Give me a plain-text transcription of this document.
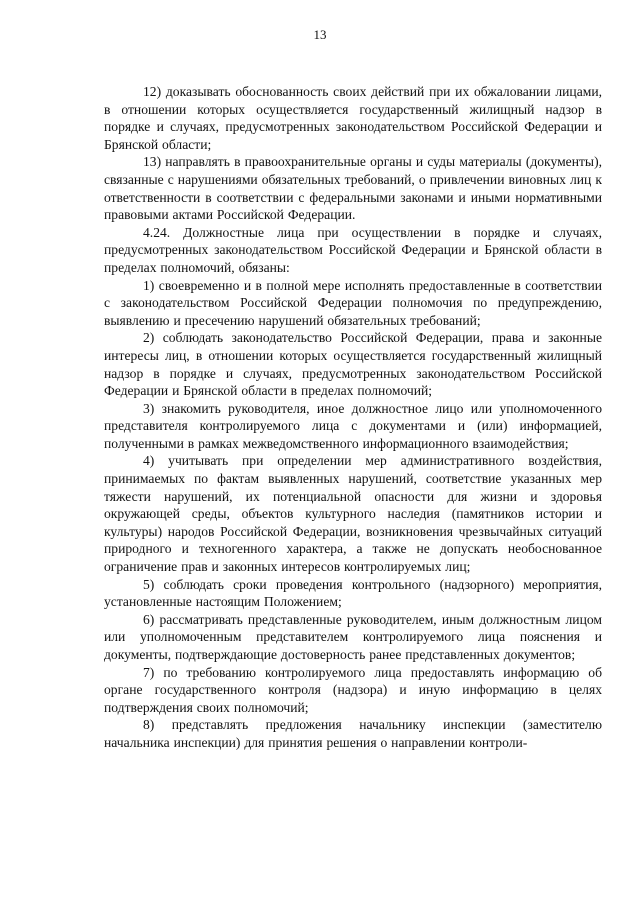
13

12) доказывать обоснованность своих действий при их обжаловании лицами, в отношении которых осуществляется государственный жилищный надзор в порядке и случаях, предусмотренных законодательством Российской Федерации и Брянской области;

13) направлять в правоохранительные органы и суды материалы (документы), связанные с нарушениями обязательных требований, о привлечении виновных лиц к ответственности в соответствии с федеральными законами и иными нормативными правовыми актами Российской Федерации.

4.24. Должностные лица при осуществлении в порядке и случаях, предусмотренных законодательством Российской Федерации и Брянской области в пределах полномочий, обязаны:

1) своевременно и в полной мере исполнять предоставленные в соответствии с законодательством Российской Федерации полномочия по предупреждению, выявлению и пресечению нарушений обязательных требований;

2) соблюдать законодательство Российской Федерации, права и законные интересы лиц, в отношении которых осуществляется государственный жилищный надзор в порядке и случаях, предусмотренных законодательством Российской Федерации и Брянской области в пределах полномочий;

3) знакомить руководителя, иное должностное лицо или уполномоченного представителя контролируемого лица с документами и (или) информацией, полученными в рамках межведомственного информационного взаимодействия;

4) учитывать при определении мер административного воздействия, принимаемых по фактам выявленных нарушений, соответствие указанных мер тяжести нарушений, их потенциальной опасности для жизни и здоровья окружающей среды, объектов культурного наследия (памятников истории и культуры) народов Российской Федерации, возникновения чрезвычайных ситуаций природного и техногенного характера, а также не допускать необоснованное ограничение прав и законных интересов контролируемых лиц;

5) соблюдать сроки проведения контрольного (надзорного) мероприятия, установленные настоящим Положением;

6) рассматривать представленные руководителем, иным должностным лицом или уполномоченным представителем контролируемого лица пояснения и документы, подтверждающие достоверность ранее представленных документов;

7) по требованию контролируемого лица предоставлять информацию об органе государственного контроля (надзора) и иную информацию в целях подтверждения своих полномочий;

8) представлять предложения начальнику инспекции (заместителю начальника инспекции) для принятия решения о направлении контроли-
